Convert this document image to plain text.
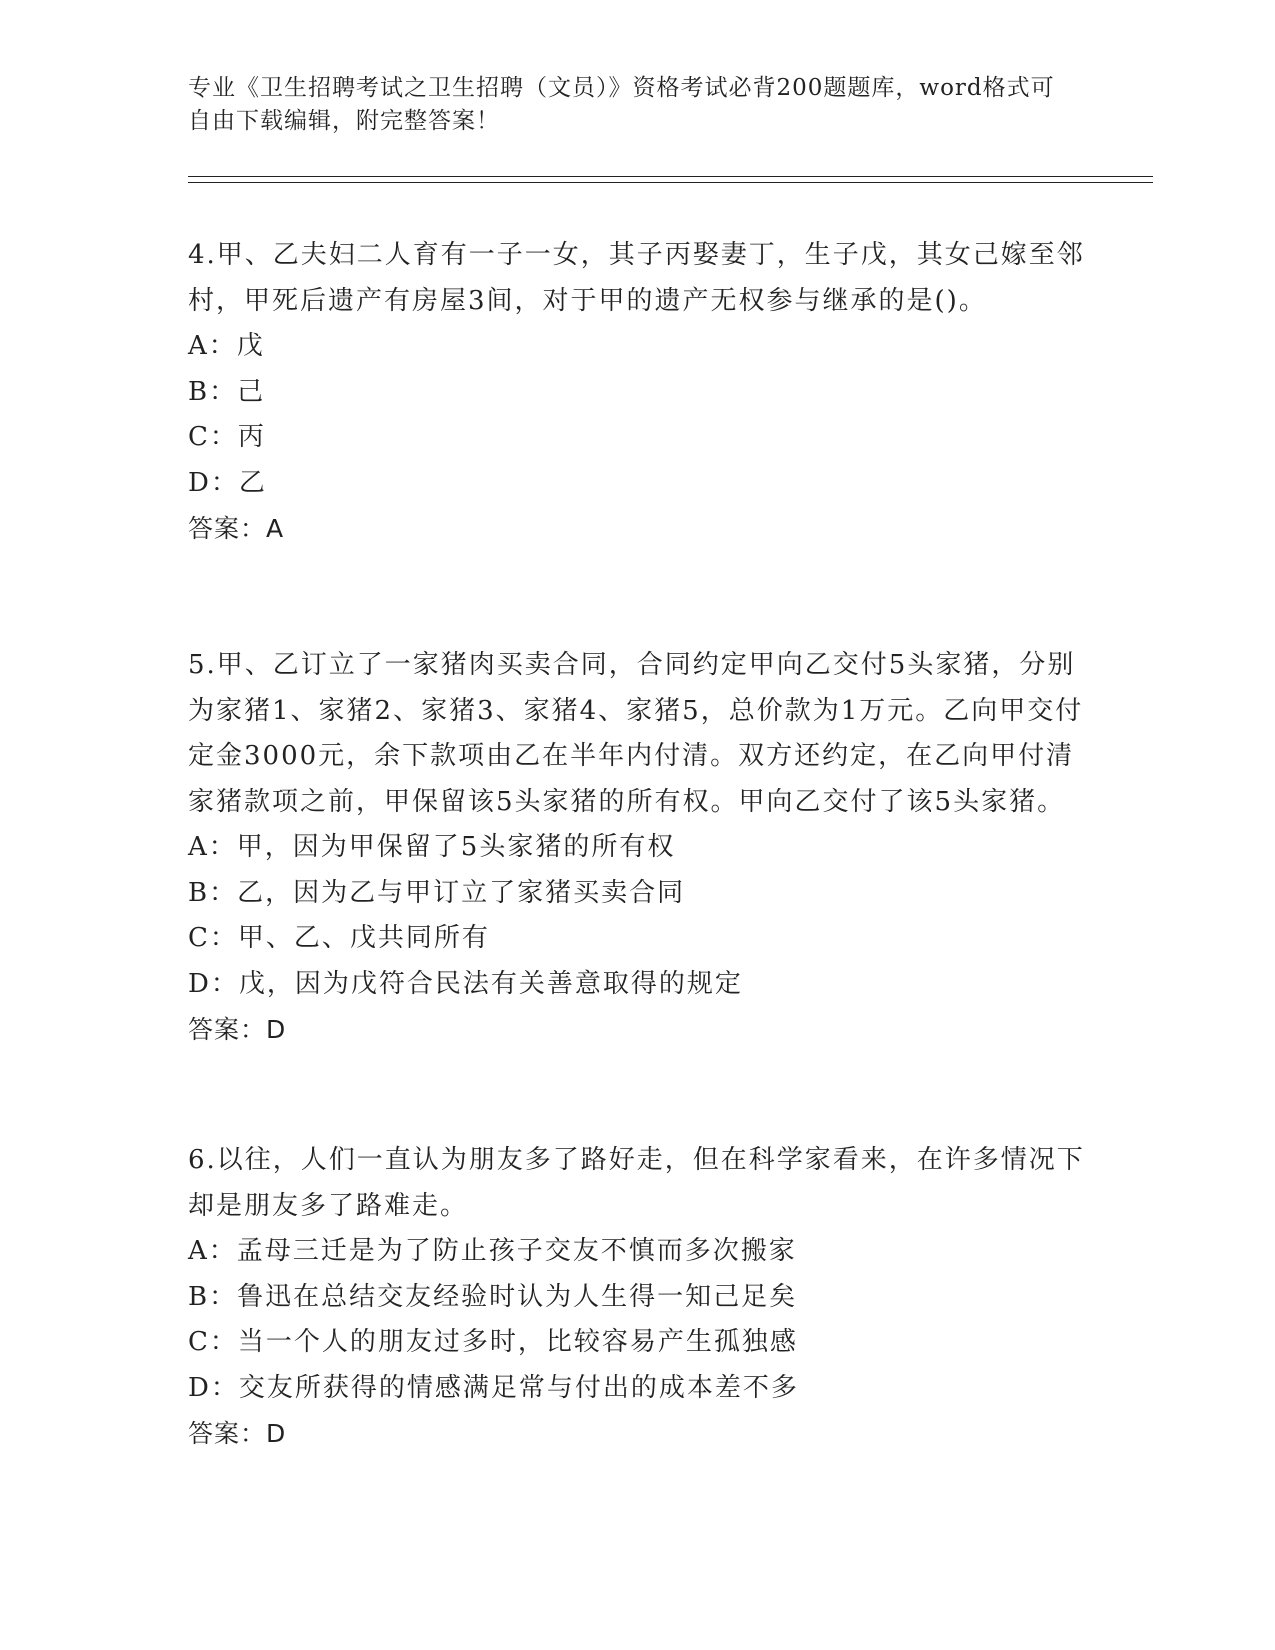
专业《卫生招聘考试之卫生招聘（文员）》资格考试必背200题题库，word格式可自由下载编辑，附完整答案！
4.甲、乙夫妇二人育有一子一女，其子丙娶妻丁，生子戊，其女己嫁至邻村，甲死后遗产有房屋3间，对于甲的遗产无权参与继承的是()。
A：戊
B：己
C：丙
D：乙
答案：A
5.甲、乙订立了一家猪肉买卖合同，合同约定甲向乙交付5头家猪，分别为家猪1、家猪2、家猪3、家猪4、家猪5，总价款为1万元。乙向甲交付定金3000元，余下款项由乙在半年内付清。双方还约定，在乙向甲付清家猪款项之前，甲保留该5头家猪的所有权。甲向乙交付了该5头家猪。
A：甲，因为甲保留了5头家猪的所有权
B：乙，因为乙与甲订立了家猪买卖合同
C：甲、乙、戊共同所有
D：戊，因为戊符合民法有关善意取得的规定
答案：D
6.以往，人们一直认为朋友多了路好走，但在科学家看来，在许多情况下却是朋友多了路难走。
A：孟母三迁是为了防止孩子交友不慎而多次搬家
B：鲁迅在总结交友经验时认为人生得一知己足矣
C：当一个人的朋友过多时，比较容易产生孤独感
D：交友所获得的情感满足常与付出的成本差不多
答案：D
